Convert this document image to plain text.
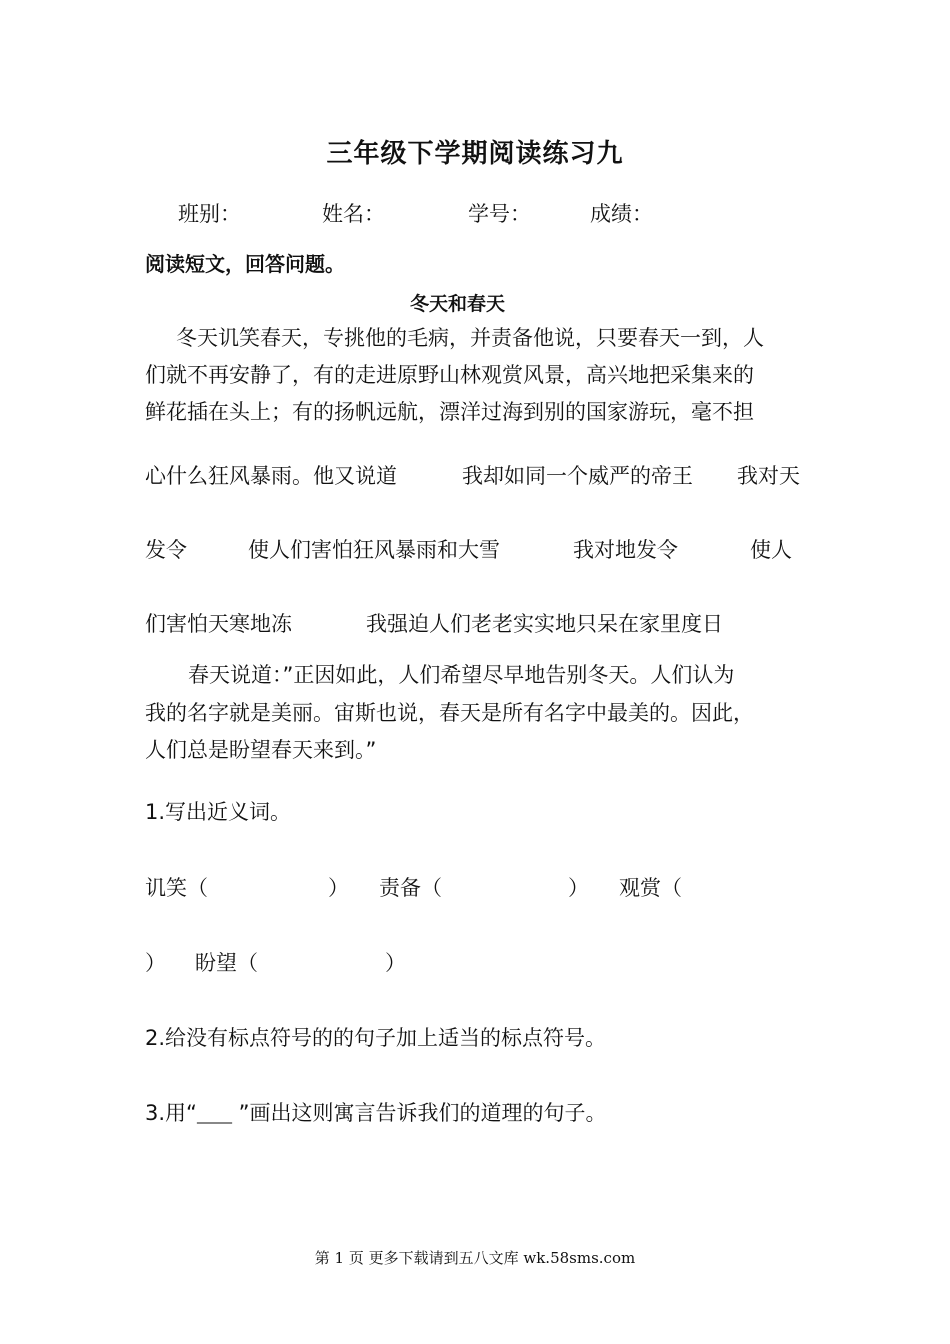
三年级下学期阅读练习九
班别：	姓名：	学号：	成绩：
阅读短文，回答问题。
冬天和春天
冬天讥笑春天，专挑他的毛病，并责备他说，只要春天一到，人
们就不再安静了，有的走进原野山林观赏风景，高兴地把采集来的
鲜花插在头上；有的扬帆远航，漂洋过海到别的国家游玩，毫不担
心什么狂风暴雨。他又说道	我却如同一个威严的帝王 我对天
发令	使人们害怕狂风暴雨和大雪	我对地发令	使人
们害怕天寒地冻	我强迫人们老老实实地只呆在家里度日
春天说道：”正因如此，人们希望尽早地告别冬天。人们认为
我的名字就是美丽。宙斯也说，春天是所有名字中最美的。因此，
人们总是盼望春天来到。”
1.写出近义词。
讥笑（	） 责备（	） 观赏（
） 盼望（	）
2.给没有标点符号的的句子加上适当的标点符号。
3.用“_____ ”画出这则寓言告诉我们的道理的句子。
第 1 页 更多下载请到五八文库 wk.58sms.com
